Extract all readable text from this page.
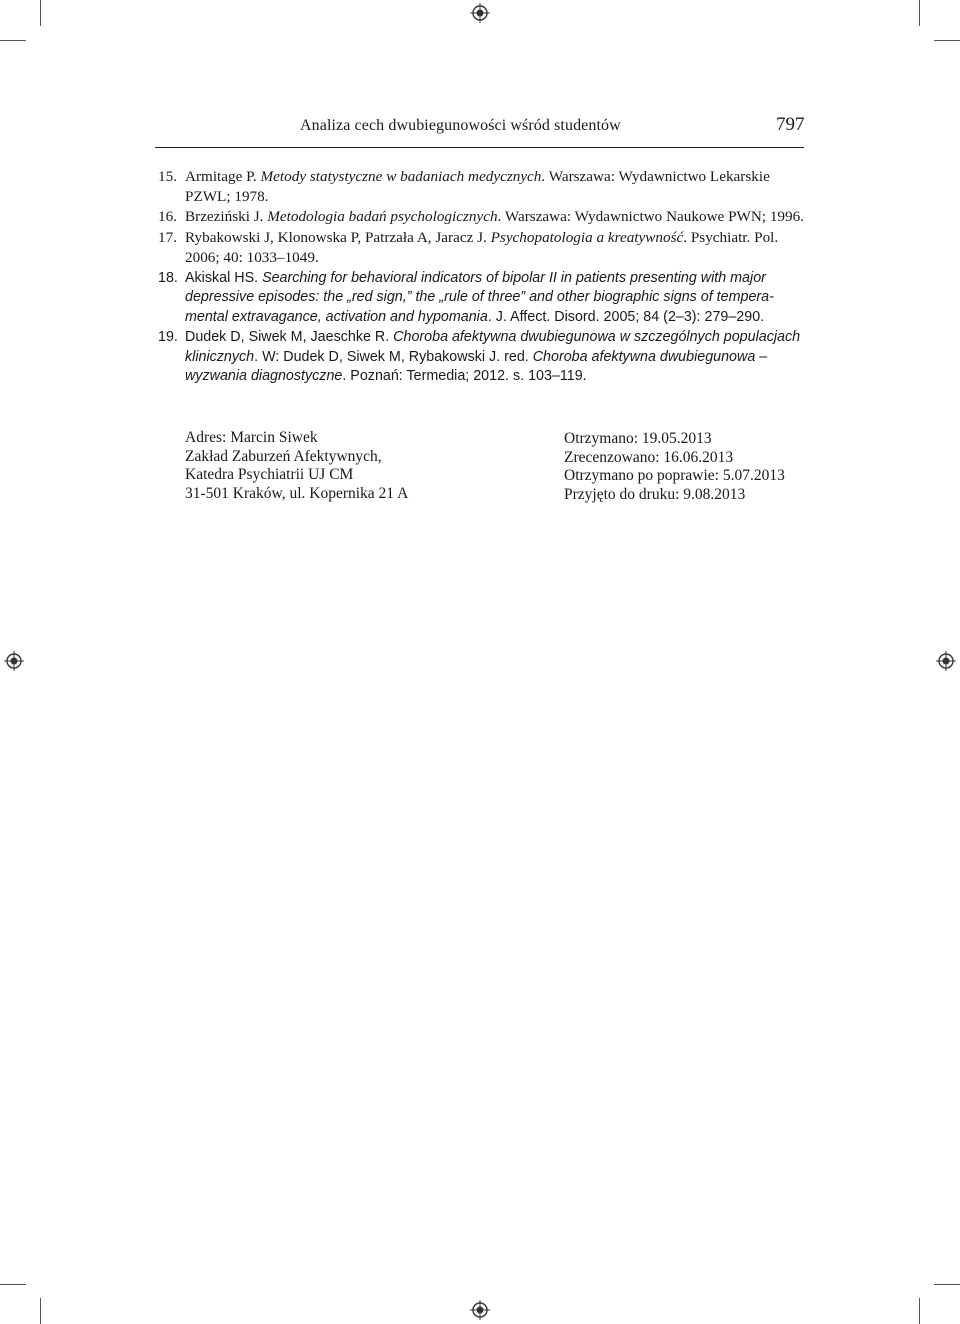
Analiza cech dwubiegunowości wśród studentów	797
15. Armitage P. Metody statystyczne w badaniach medycznych. Warszawa: Wydawnictwo Lekarskie PZWL; 1978.
16. Brzeziński J. Metodologia badań psychologicznych. Warszawa: Wydawnictwo Naukowe PWN; 1996.
17. Rybakowski J, Klonowska P, Patrzała A, Jaracz J. Psychopatologia a kreatywność. Psychiatr. Pol. 2006; 40: 1033–1049.
18. Akiskal HS. Searching for behavioral indicators of bipolar II in patients presenting with major depressive episodes: the „red sign,” the „rule of three” and other biographic signs of tempera-mental extravagance, activation and hypomania. J. Affect. Disord. 2005; 84 (2–3): 279–290.
19. Dudek D, Siwek M, Jaeschke R. Choroba afektywna dwubiegunowa w szczególnych populacjach klinicznych. W: Dudek D, Siwek M, Rybakowski J. red. Choroba afektywna dwubiegunowa – wyzwania diagnostyczne. Poznań: Termedia; 2012. s. 103–119.
Adres: Marcin Siwek
Zakład Zaburzeń Afektywnych,
Katedra Psychiatrii UJ CM
31-501 Kraków, ul. Kopernika 21 A
Otrzymano: 19.05.2013
Zrecenzowano: 16.06.2013
Otrzymano po poprawie: 5.07.2013
Przyjęto do druku: 9.08.2013
